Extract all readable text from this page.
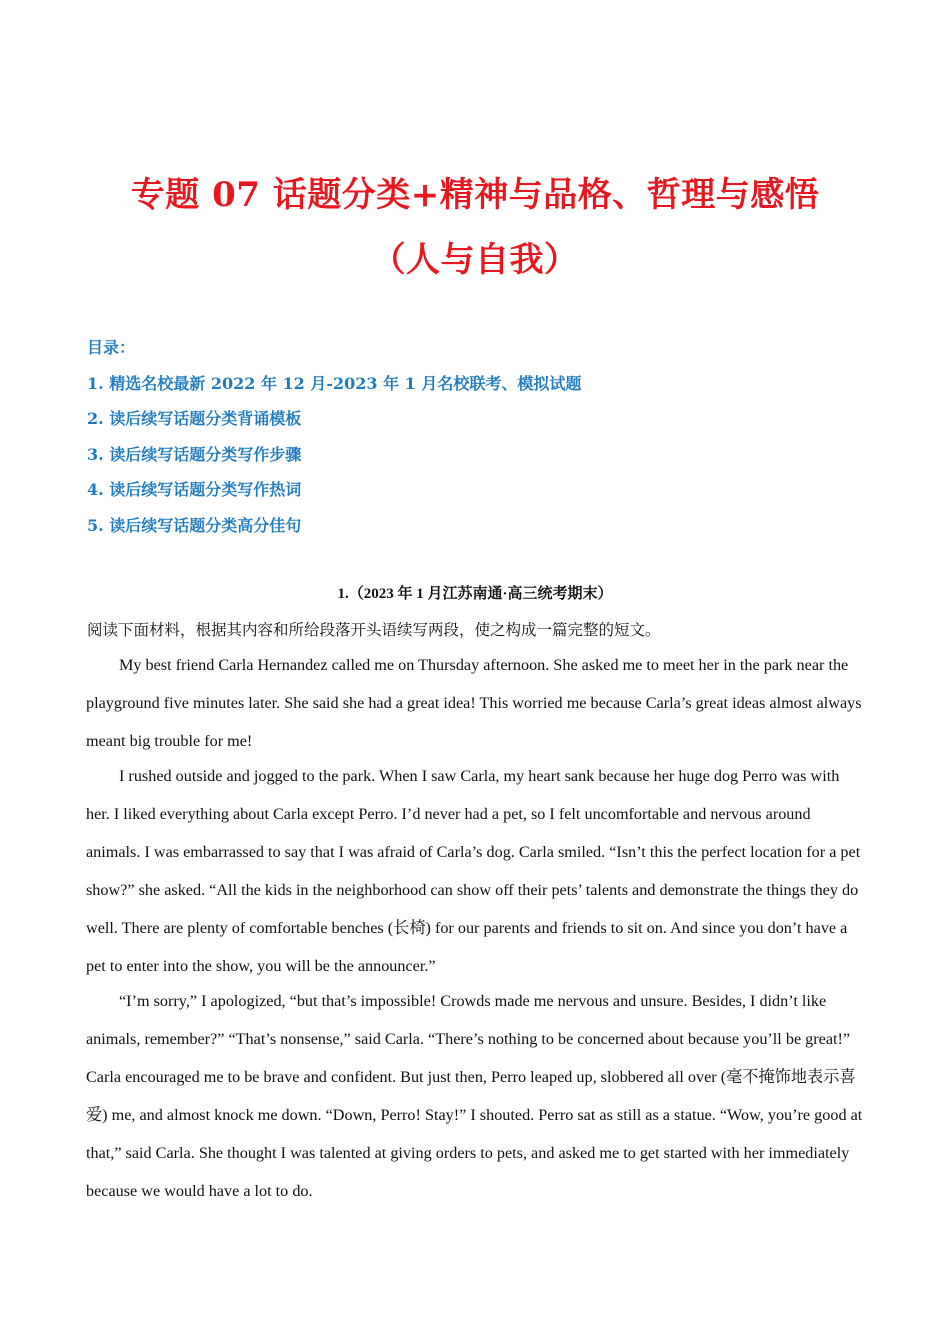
专题 07 话题分类+精神与品格、哲理与感悟
（人与自我）
目录：
1. 精选名校最新 2022 年 12 月-2023 年 1 月名校联考、模拟试题
2. 读后续写话题分类背诵模板
3. 读后续写话题分类写作步骤
4. 读后续写话题分类写作热词
5. 读后续写话题分类高分佳句
1.（2023 年 1 月江苏南通·高三统考期末）
阅读下面材料，根据其内容和所给段落开头语续写两段，使之构成一篇完整的短文。
My best friend Carla Hernandez called me on Thursday afternoon. She asked me to meet her in the park near the playground five minutes later. She said she had a great idea! This worried me because Carla’s great ideas almost always meant big trouble for me!
I rushed outside and jogged to the park. When I saw Carla, my heart sank because her huge dog Perro was with her. I liked everything about Carla except Perro. I’d never had a pet, so I felt uncomfortable and nervous around animals. I was embarrassed to say that I was afraid of Carla’s dog. Carla smiled. “Isn’t this the perfect location for a pet show?” she asked. “All the kids in the neighborhood can show off their pets’ talents and demonstrate the things they do well. There are plenty of comfortable benches (长椅) for our parents and friends to sit on. And since you don’t have a pet to enter into the show, you will be the announcer.”
“I’m sorry,” I apologized, “but that’s impossible! Crowds made me nervous and unsure. Besides, I didn’t like animals, remember?” “That’s nonsense,” said Carla. “There’s nothing to be concerned about because you’ll be great!” Carla encouraged me to be brave and confident. But just then, Perro leaped up, slobbered all over (毫不掩饰地表示喜爱) me, and almost knock me down. “Down, Perro! Stay!” I shouted. Perro sat as still as a statue. “Wow, you’re good at that,” said Carla. She thought I was talented at giving orders to pets, and asked me to get started with her immediately because we would have a lot to do.
